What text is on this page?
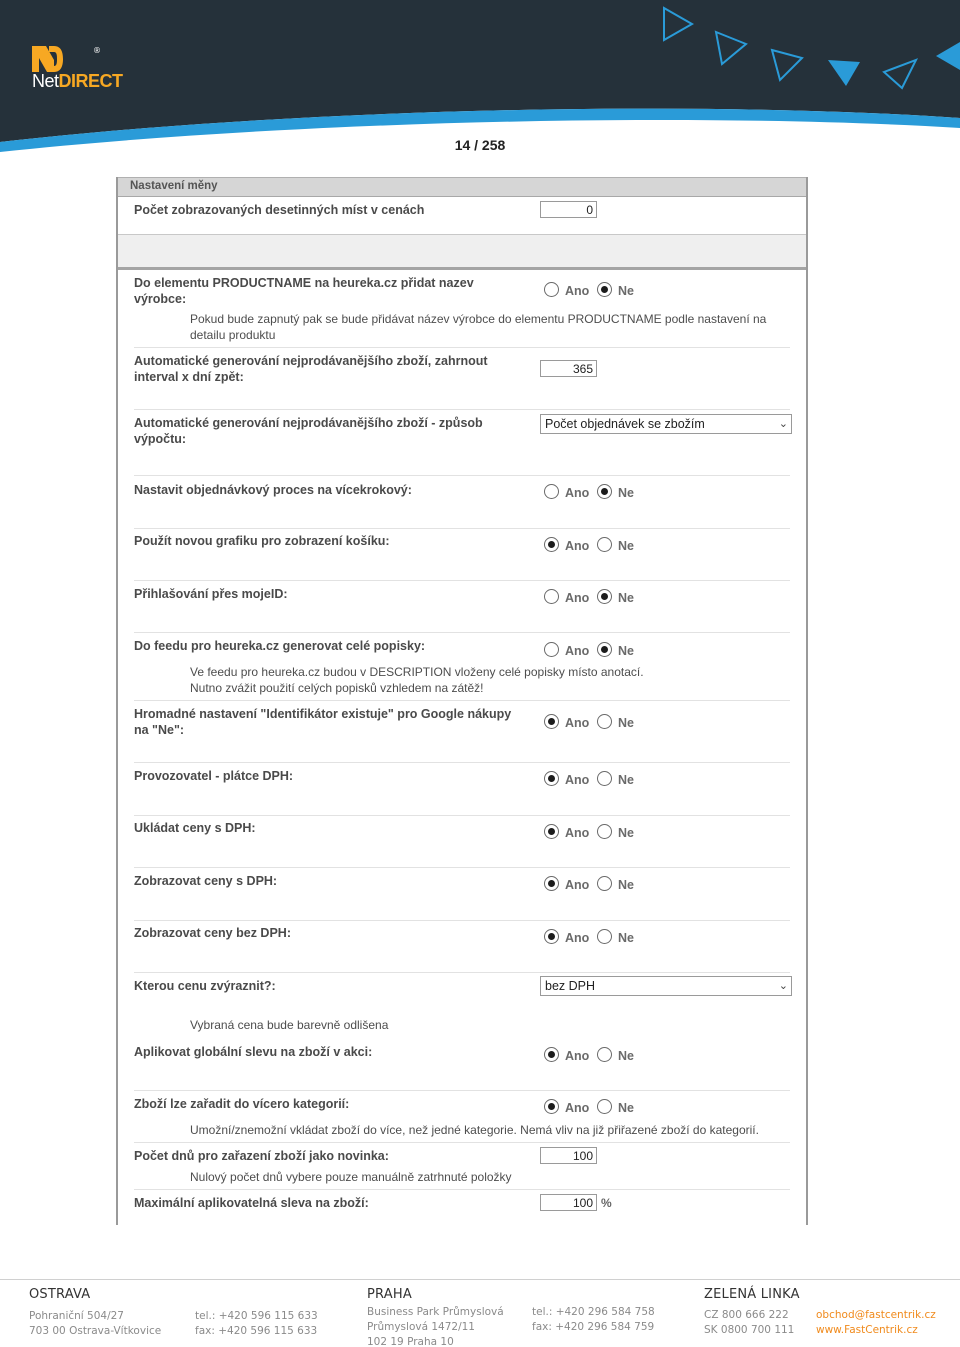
®
NetDIRECT
14 / 258
Nastavení měny
Počet zobrazovaných desetinných míst v cenách	0
Do elementu PRODUCTNAME na heureka.cz přidat nazev
výrobce:
Ano Ne
Pokud bude zapnutý pak se bude přidávat název výrobce do elementu PRODUCTNAME podle nastavení na
detailu produktu
Automatické generování nejprodávanějšího zboží, zahrnout
interval x dní zpět:
365
Automatické generování nejprodávanějšího zboží - způsob
výpočtu:
Počet objednávek se zbožím	⌄
Nastavit objednávkový proces na vícekrokový:	Ano Ne
Použít novou grafiku pro zobrazení košíku:	Ano Ne
Přihlašování přes mojeID:	Ano Ne
Do feedu pro heureka.cz generovat celé popisky:	Ano Ne
Ve feedu pro heureka.cz budou v DESCRIPTION vloženy celé popisky místo anotací.
Nutno zvážit použití celých popisků vzhledem na zátěž!
Hromadné nastavení "Identifikátor existuje" pro Google nákupy
na "Ne":	Ano Ne
Provozovatel - plátce DPH:	Ano Ne
Ukládat ceny s DPH:	Ano Ne
Zobrazovat ceny s DPH:	Ano Ne
Zobrazovat ceny bez DPH:	Ano Ne
Kterou cenu zvýraznit?:	bez DPH	⌄
Vybraná cena bude barevně odlišena
Aplikovat globální slevu na zboží v akci:	Ano Ne
Zboží lze zařadit do vícero kategorií:	Ano Ne
Umožní/znemožní vkládat zboží do více, než jedné kategorie. Nemá vliv na již přiřazené zboží do kategorií.
Počet dnů pro zařazení zboží jako novinka:	100
Nulový počet dnů vybere pouze manuálně zatrhnuté položky
Maximální aplikovatelná sleva na zboží:	100 %
OSTRAVA
Pohraniční 504/27
703 00 Ostrava-Vítkovice
tel.: +420 596 115 633
fax: +420 596 115 633
PRAHA
Business Park Průmyslová
Průmyslová 1472/11
102 19 Praha 10
tel.: +420 296 584 758
fax: +420 296 584 759
ZELENÁ LINKA
CZ 800 666 222
SK 0800 700 111
obchod@fastcentrik.cz
www.FastCentrik.cz
